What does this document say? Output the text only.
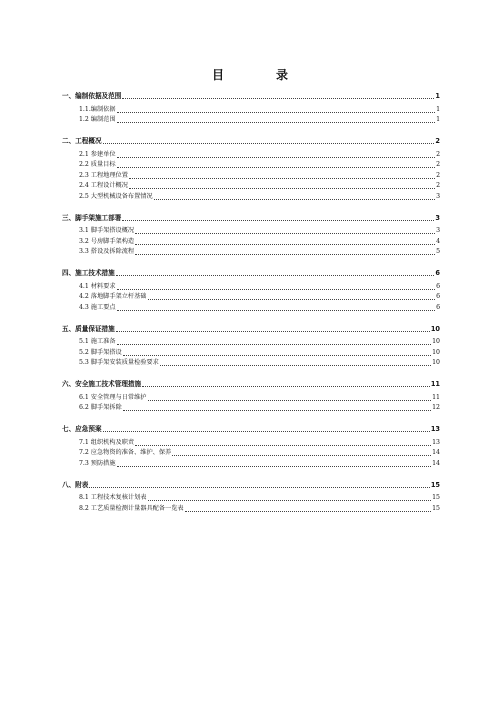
目　录
一、编制依据及范围	1
1.1.编制依据	1
1.2 编制范围	1
二、工程概况	2
2.1 参建单位	2
2.2 质量目标	2
2.3 工程地理位置	2
2.4 工程设计概况	2
2.5 大型机械设备布置情况	3
三、脚手架施工部署	3
3.1 脚手架搭设概况	3
3.2 号房脚手架构造	4
3.3 搭设及拆除流程	5
四、施工技术措施	6
4.1 材料要求	6
4.2 落地脚手架立杆基础	6
4.3 施工要点	6
五、质量保证措施	10
5.1 施工准备	10
5.2 脚手架搭设	10
5.3 脚手架安装质量检验要求	10
六、安全施工技术管理措施	11
6.1 安全管理与日常维护	11
6.2 脚手架拆除	12
七、应急预案	13
7.1 组织机构及职责	13
7.2 应急物资的准备、维护、保养	14
7.3 预防措施	14
八、附表	15
8.1 工程技术复核计划表	15
8.2 工艺质量检测计量器具配备一览表	15
